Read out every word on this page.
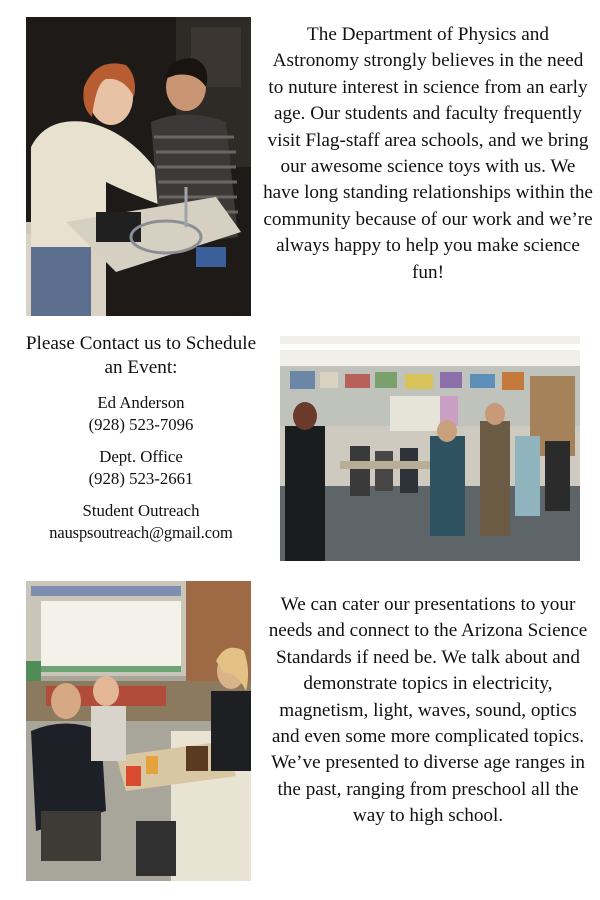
The Department of Physics and Astronomy strongly believes in the need to nuture interest in science from an early age. Our students and faculty frequently visit Flag-staff area schools, and we bring our awesome science toys with us. We have long standing relationships within the community because of our work and we’re always happy to help you make science fun!

Please Contact us to Schedule an Event:

Ed Anderson
(928) 523-7096

Dept. Office
(928) 523-2661

Student Outreach
nauspsoutreach@gmail.com

We can cater our presentations to your needs and connect to the Arizona Science Standards if need be. We talk about and demonstrate topics in electricity, magnetism, light, waves, sound, optics and even some more complicated topics. We’ve presented to diverse age ranges in the past, ranging from preschool all the way to high school.
